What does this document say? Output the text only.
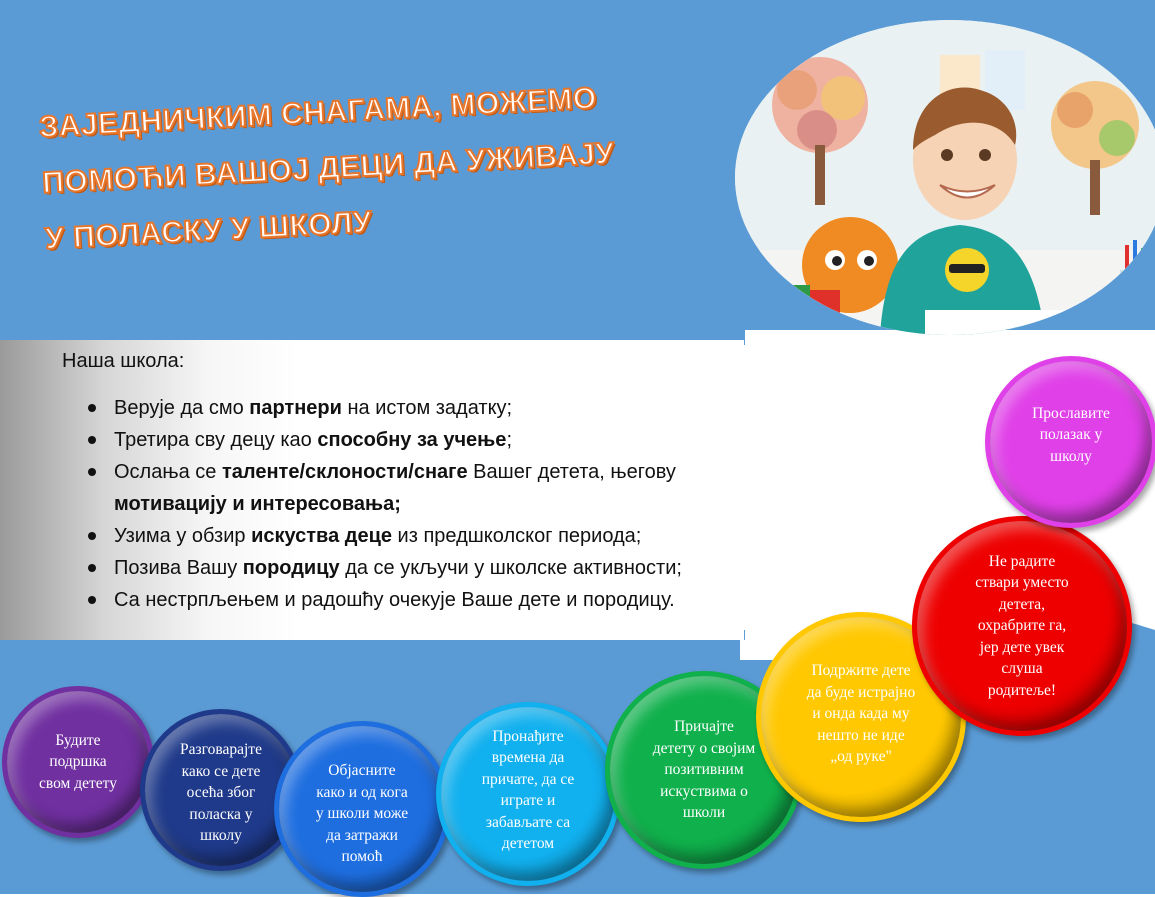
ЗАЈЕДНИЧКИМ СНАГАМА, МОЖЕМО
ПОМОЋИ ВАШОЈ ДЕЦИ ДА УЖИВАЈУ
У ПОЛАСКУ У ШКОЛУ
Наша школа:
Верује да смо партнери на истом задатку;
Третира сву децу као способну за учење;
Ослања се таленте/склоности/снаге Вашег детета, његову мотивацију и интересовања;
Узима у обзир искуства деце из предшколског периода;
Позива Вашу породицу да се укључи у школске активности;
Са нестрпљењем и радошћу очекује Ваше дете и породицу.
Будите
подршка
свом детету
Разговарајте
како се дете
осећа због
поласка у
школу
Објасните
како и од кога
у школи може
да затражи
помоћ
Пронађите
времена да
причате, да се
играте и
забављате са
дететом
Причајте
детету о својим
позитивним
искуствима о
школи
Подржите дете
да буде истрајно
и онда када му
нешто не иде
„од руке"
Не радите
ствари уместо
детета,
охрабрите га,
јер дете увек
слуша
родитеље!
Прославите
полазак у
школу
